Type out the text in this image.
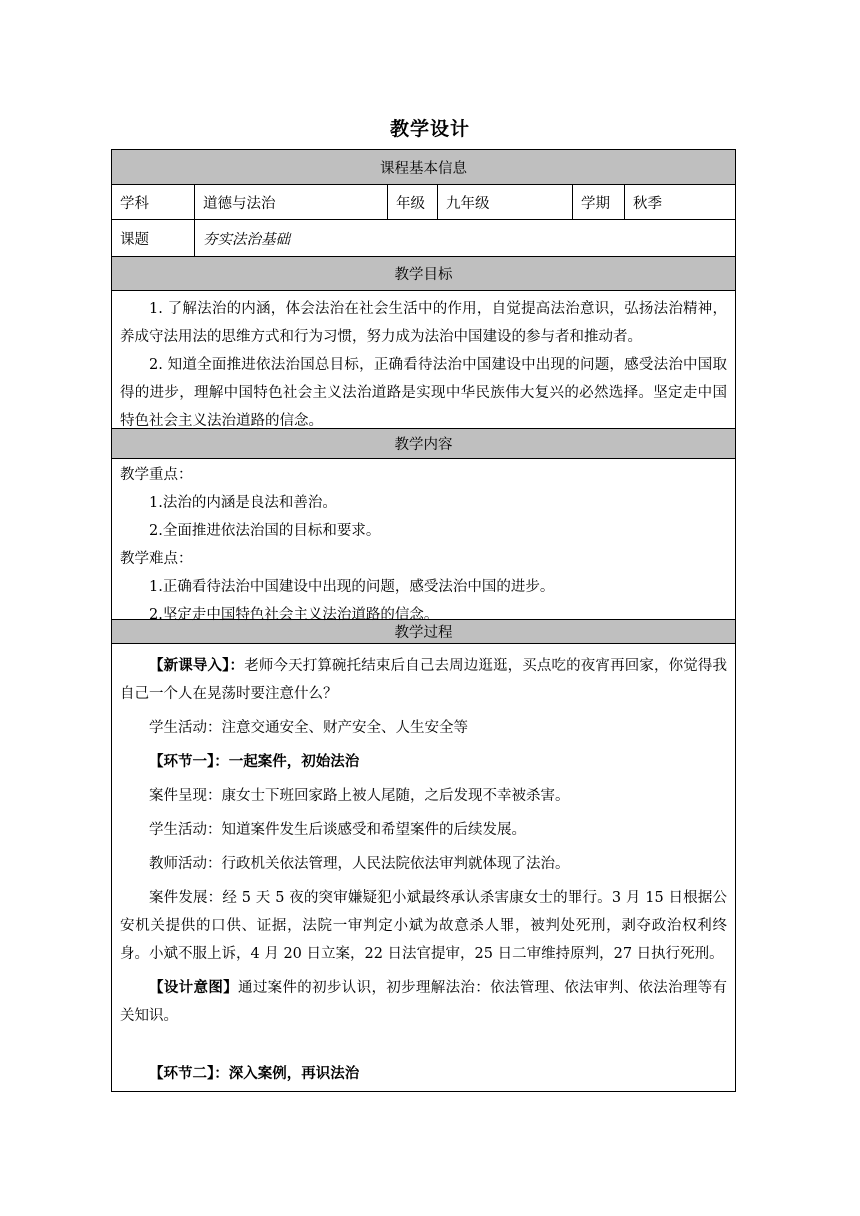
教学设计
课程基本信息
学科	道德与法治	年级	九年级	学期	秋季
课题	夯实法治基础
教学目标
1. 了解法治的内涵，体会法治在社会生活中的作用，自觉提高法治意识，弘扬法治精神，养成守法用法的思维方式和行为习惯，努力成为法治中国建设的参与者和推动者。
2. 知道全面推进依法治国总目标，正确看待法治中国建设中出现的问题，感受法治中国取得的进步，理解中国特色社会主义法治道路是实现中华民族伟大复兴的必然选择。坚定走中国特色社会主义法治道路的信念。
教学内容
教学重点：
1.法治的内涵是良法和善治。
2.全面推进依法治国的目标和要求。
教学难点：
1.正确看待法治中国建设中出现的问题，感受法治中国的进步。
2.坚定走中国特色社会主义法治道路的信念。
教学过程

【新课导入】：老师今天打算碗托结束后自己去周边逛逛，买点吃的夜宵再回家，你觉得我自己一个人在晃荡时要注意什么？

学生活动：注意交通安全、财产安全、人生安全等

【环节一】：一起案件，初始法治

案件呈现：康女士下班回家路上被人尾随，之后发现不幸被杀害。

学生活动：知道案件发生后谈感受和希望案件的后续发展。

教师活动：行政机关依法管理，人民法院依法审判就体现了法治。

案件发展：经 5 天 5 夜的突审嫌疑犯小斌最终承认杀害康女士的罪行。3 月 15 日根据公安机关提供的口供、证据，法院一审判定小斌为故意杀人罪，被判处死刑，剥夺政治权利终身。小斌不服上诉，4 月 20 日立案，22 日法官提审，25 日二审维持原判，27 日执行死刑。

【设计意图】通过案件的初步认识，初步理解法治：依法管理、依法审判、依法治理等有关知识。

【环节二】：深入案例，再识法治
